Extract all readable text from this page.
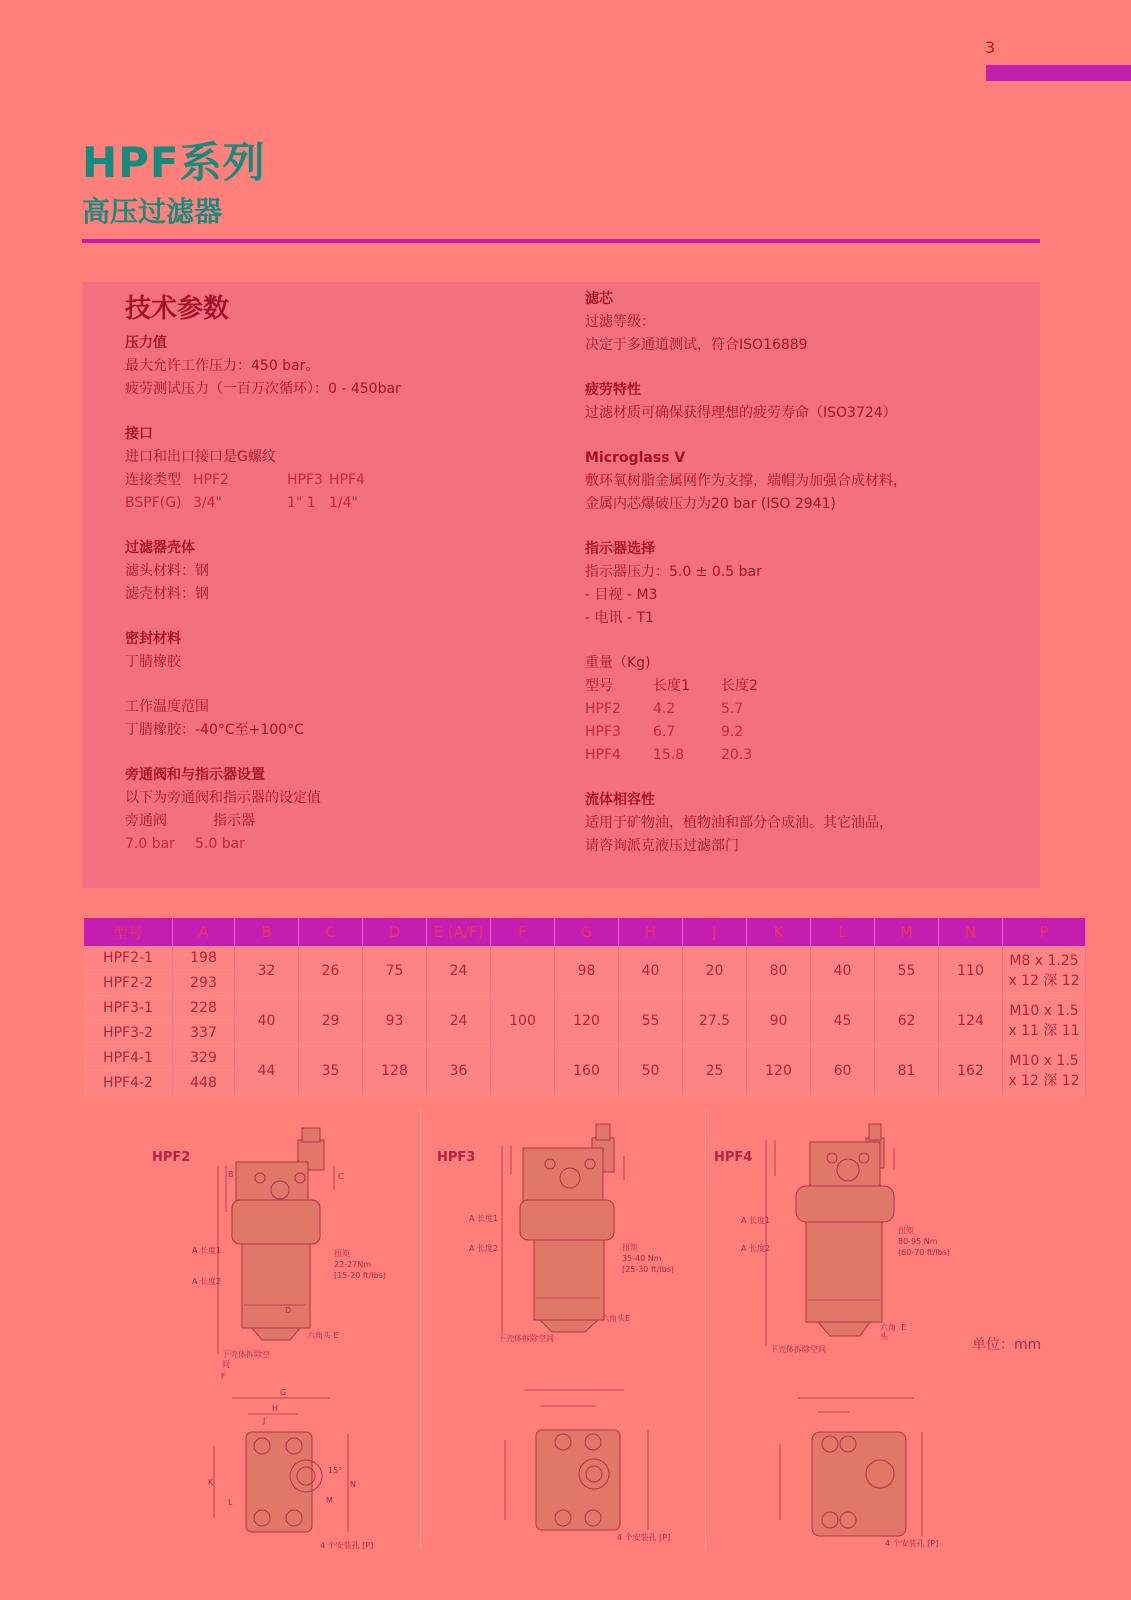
3
HPF系列
高压过滤器
技术参数
压力值
最大允许工作压力：450 bar。
疲劳测试压力（一百万次循环）：0 - 450bar
接口
进口和出口接口是G螺纹
连接类型 HPF2	HPF3 HPF4
BSPF(G) 3/4"	1" 1 1/4"
过滤器壳体
滤头材料：钢
滤壳材料：钢
密封材料
丁腈橡胶
工作温度范围
丁腈橡胶：-40°C至+100°C
旁通阀和与指示器设置
以下为旁通阀和指示器的设定值
旁通阀	指示器
7.0 bar 5.0 bar
滤芯
过滤等级：
决定于多通道测试，符合ISO16889
疲劳特性
过滤材质可确保获得理想的疲劳寿命（ISO3724）
Microglass V
敷环氧树脂金属网作为支撑，端帽为加强合成材料，
金属内芯爆破压力为20 bar (ISO 2941)
指示器选择
指示器压力：5.0 ± 0.5 bar
- 目视 - M3
- 电讯 - T1
重量（Kg)
型号	长度1 长度2
HPF2 4.2	5.7
HPF3 6.7	9.2
HPF4 15.8	20.3
流体相容性
适用于矿物油，植物油和部分合成油。其它油品，
请咨询派克液压过滤部门
型号	A	B	C	D	E (A/F)	F	G	H	J	K	L	M	N	P
HPF2-1	198	32	26	75	24	100	98	40	20	80	40	55	110	M8 x 1.25
x 12 深 12

HPF2-2	293													
HPF3-1	228	40	29	93	24		120	55	27.5	90	45	62	124	M10 x 1.5
x 11 深 11

HPF3-2	337													
HPF4-1	329	44	35	128	36		160	50	25	120	60	81	162	M10 x 1.5
x 12 深 12

HPF4-2	448													
HPF2	HPF3	HPF4
A 长度1
A 长度2
扭矩
22-27Nm
[15-20 ft/lbs)
六角头 E
下壳体拆除空
间
4 个安装孔 [P]
A 长度1
A 长度2	扭矩
35-40 Nm
[25-30 ft/lbs)
六角头E
下壳体拆除空间
4 个安装孔 [P]
A 长度1
A 长度2
扭矩
80-95 Nm
(60-70 ft/lbs)
六角 E
头
下壳体拆除空间
4 个安装孔 [P]
B	C
D
F
G
H
J
K
L	M
N
15°
单位：mm
